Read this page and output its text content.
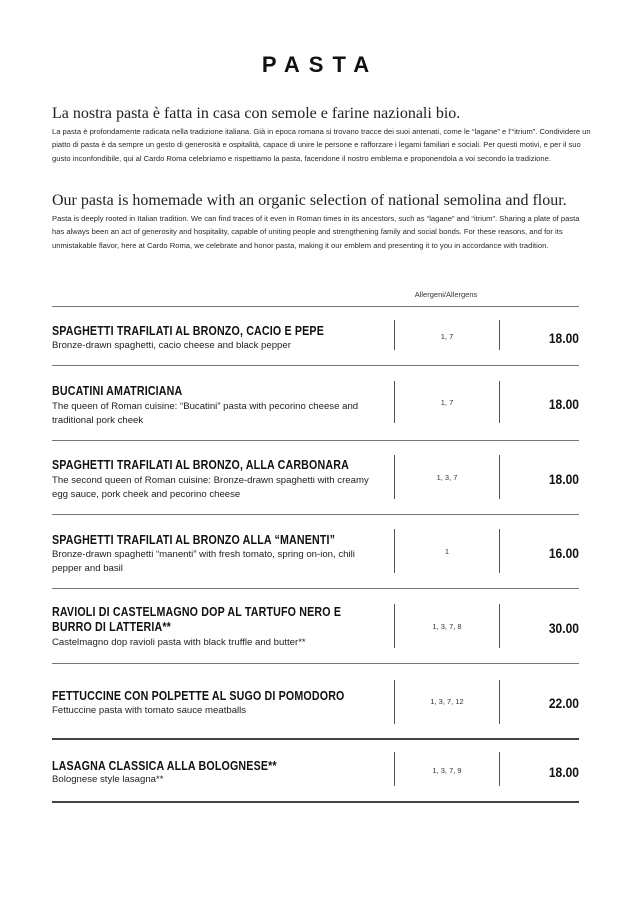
PASTA
La nostra pasta è fatta in casa con semole e farine nazionali bio.

La pasta è profondamente radicata nella tradizione italiana. Già in epoca romana si trovano tracce dei suoi antenati, come le “lagane” e l’“itrium”. Condividere un piatto di pasta è da sempre un gesto di generosità e ospitalità, capace di unire le persone e rafforzare i legami familiari e sociali. Per questi motivi, e per il suo gusto inconfondibile, qui al Cardo Roma celebriamo e rispettiamo la pasta, facendone il nostro emblema e proponendola a voi secondo la tradizione.

Our pasta is homemade with an organic selection of national semolina and flour.

Pasta is deeply rooted in Italian tradition. We can find traces of it even in Roman times in its ancestors, such as “lagane” and “itrium”. Sharing a plate of pasta has always been an act of generosity and hospitality, capable of uniting people and strengthening family and social bonds. For these reasons, and for its unmistakable flavor, here at Cardo Roma, we celebrate and honor pasta, making it our emblem and presenting it to you in accordance with tradition.

Allergeni/Allergens
SPAGHETTI TRAFILATI AL BRONZO, CACIO E PEPE
Bronze-drawn spaghetti, cacio cheese and black pepper
1, 7	18.00
BUCATINI AMATRICIANA
The queen of Roman cuisine: “Bucatini” pasta with pecorino cheese and traditional pork cheek
1, 7	18.00
SPAGHETTI TRAFILATI AL BRONZO, ALLA CARBONARA
The second queen of Roman cuisine: Bronze-drawn spaghetti with creamy egg sauce, pork cheek and pecorino cheese
1, 3, 7	18.00
SPAGHETTI TRAFILATI AL BRONZO ALLA “MANENTI”
Bronze-drawn spaghetti “manenti” with fresh tomato, spring on-ion, chili pepper and basil
1	16.00
RAVIOLI DI CASTELMAGNO DOP AL TARTUFO NERO E BURRO DI LATTERIA**
Castelmagno dop ravioli pasta with black truffle and butter**
1, 3, 7, 8	30.00
FETTUCCINE CON POLPETTE AL SUGO DI POMODORO
Fettuccine pasta with tomato sauce meatballs
1, 3, 7, 12	22.00
LASAGNA CLASSICA ALLA BOLOGNESE**
Bolognese style lasagna**
1, 3, 7, 9	18.00
